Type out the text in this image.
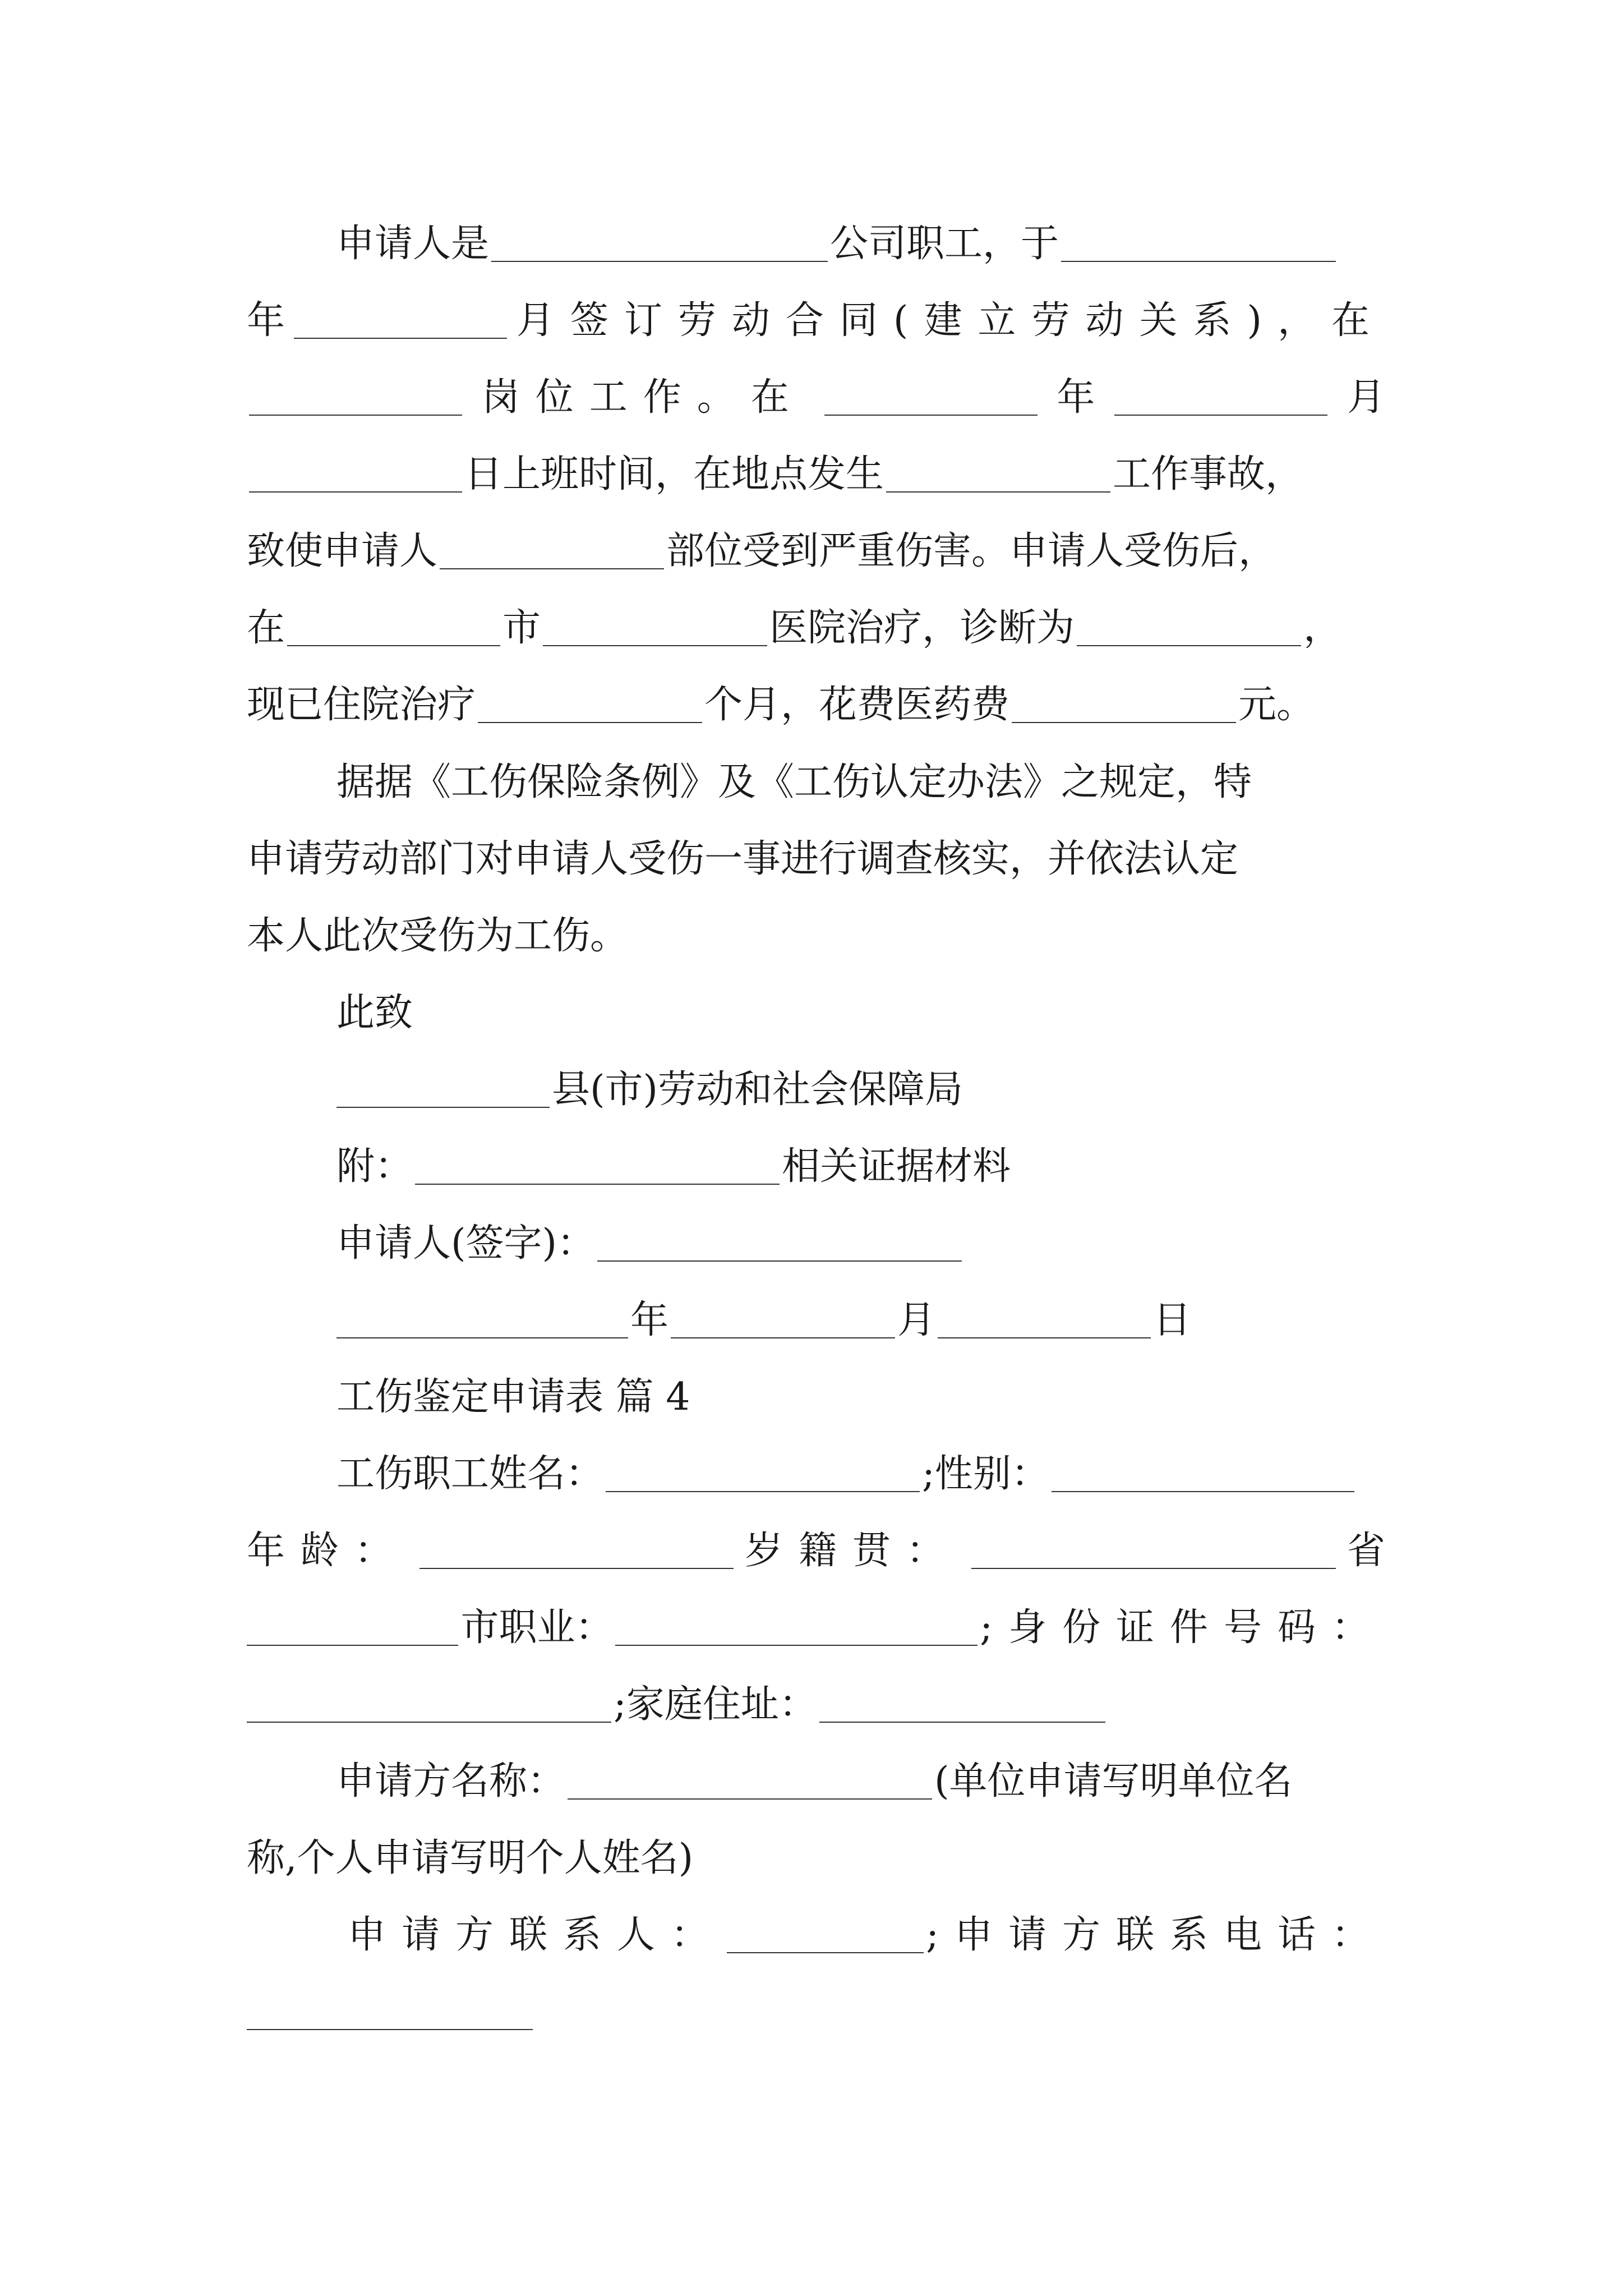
申请人是	公司职工，于
年	月签订劳动合同(建立劳动关系)，在
岗位工作。在	年	月
日上班时间，在地点发生	工作事故，
致使申请人	部位受到严重伤害。申请人受伤后，
在	市	医院治疗，诊断为	，
现已住院治疗	个月，花费医药费	元。
据据《工伤保险条例》及《工伤认定办法》之规定，特
申请劳动部门对申请人受伤一事进行调查核实，并依法认定
本人此次受伤为工伤。
此致
县(市)劳动和社会保障局
附：	相关证据材料
申请人(签字)：
年	月	日
工伤鉴定申请表 篇 4
工伤职工姓名：	;性别：
年龄：	岁籍贯：	省
市职业：	;身份证件号码：
;家庭住址：
申请方名称：	(单位申请写明单位名
称,个人申请写明个人姓名)
申请方联系人：	;申请方联系电话：
